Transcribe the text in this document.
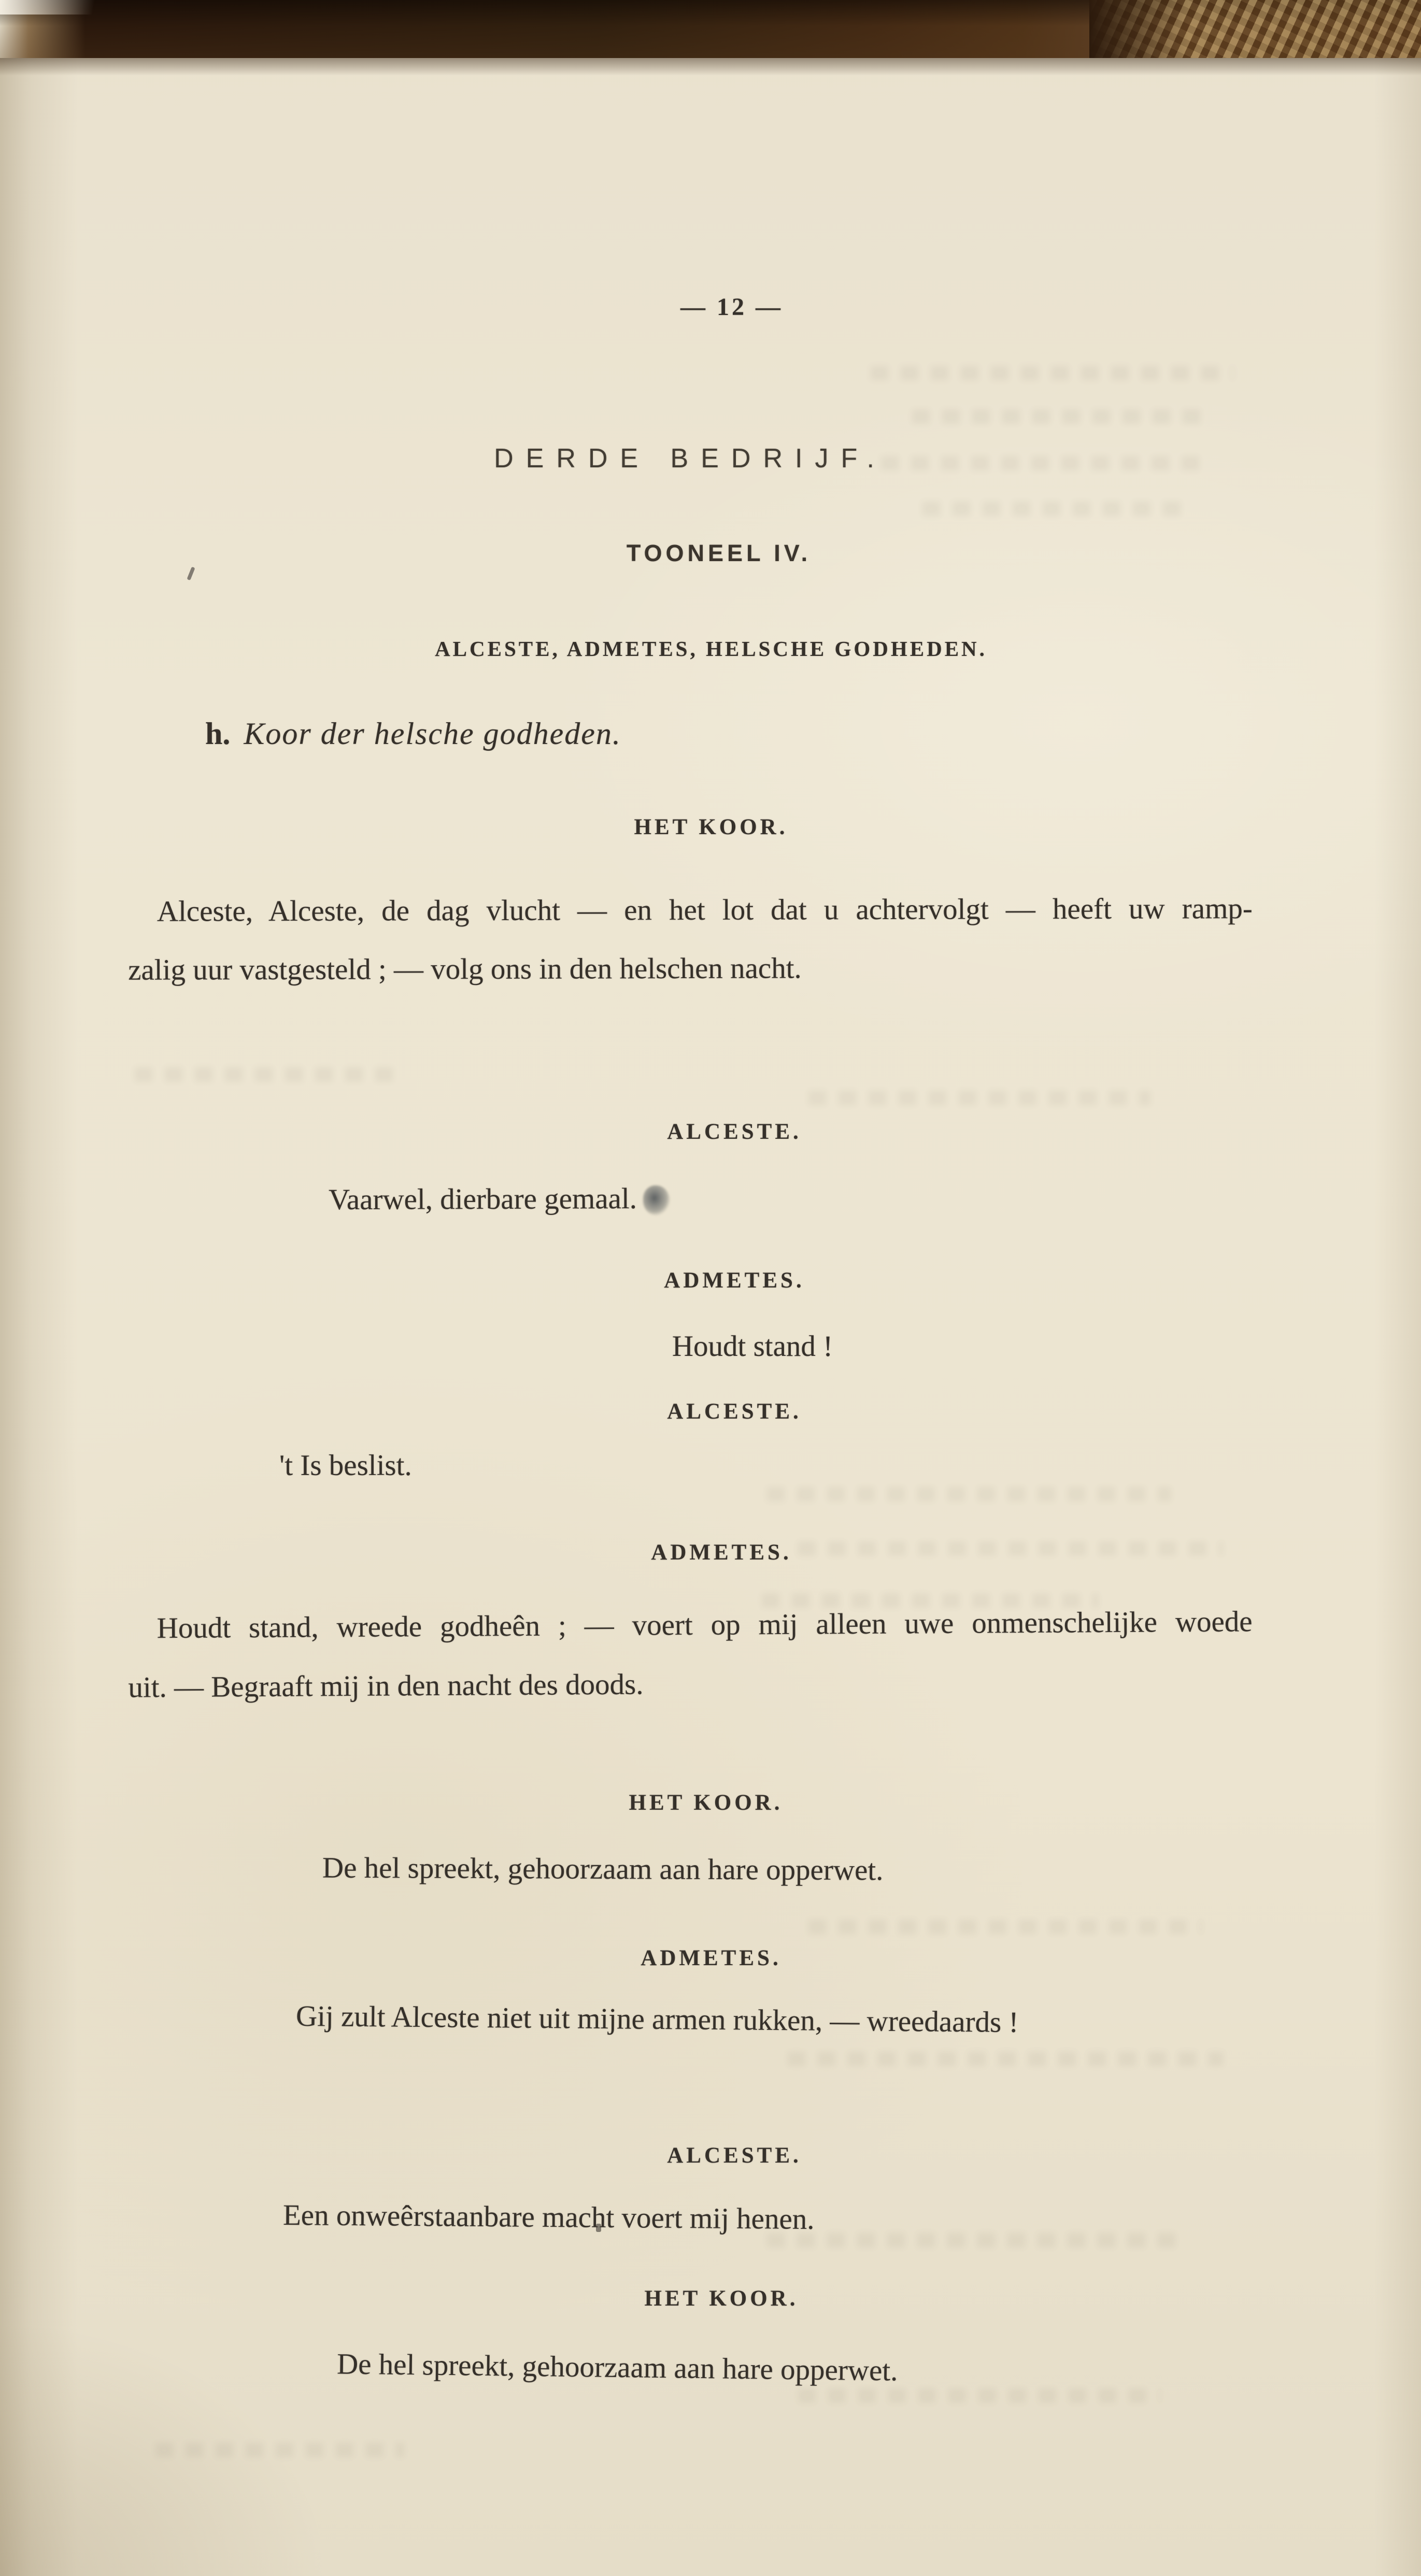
— 12 —
DERDE BEDRIJF.
TOONEEL IV.
ALCESTE, ADMETES, HELSCHE GODHEDEN.
h. Koor der helsche godheden.
HET KOOR.
Alceste, Alceste, de dag vlucht — en het lot dat u achtervolgt — heeft uw ramp-
zalig uur vastgesteld ; — volg ons in den helschen nacht.
ALCESTE.
Vaarwel, dierbare gemaal.
ADMETES.
Houdt stand !
ALCESTE.
't Is beslist.
ADMETES.
Houdt stand, wreede godheên ; — voert op mij alleen uwe onmenschelijke woede
uit. — Begraaft mij in den nacht des doods.
HET KOOR.
De hel spreekt, gehoorzaam aan hare opperwet.
ADMETES.
Gij zult Alceste niet uit mijne armen rukken, — wreedaards !
ALCESTE.
Een onweêrstaanbare macht voert mij henen.
HET KOOR.
De hel spreekt, gehoorzaam aan hare opperwet.
